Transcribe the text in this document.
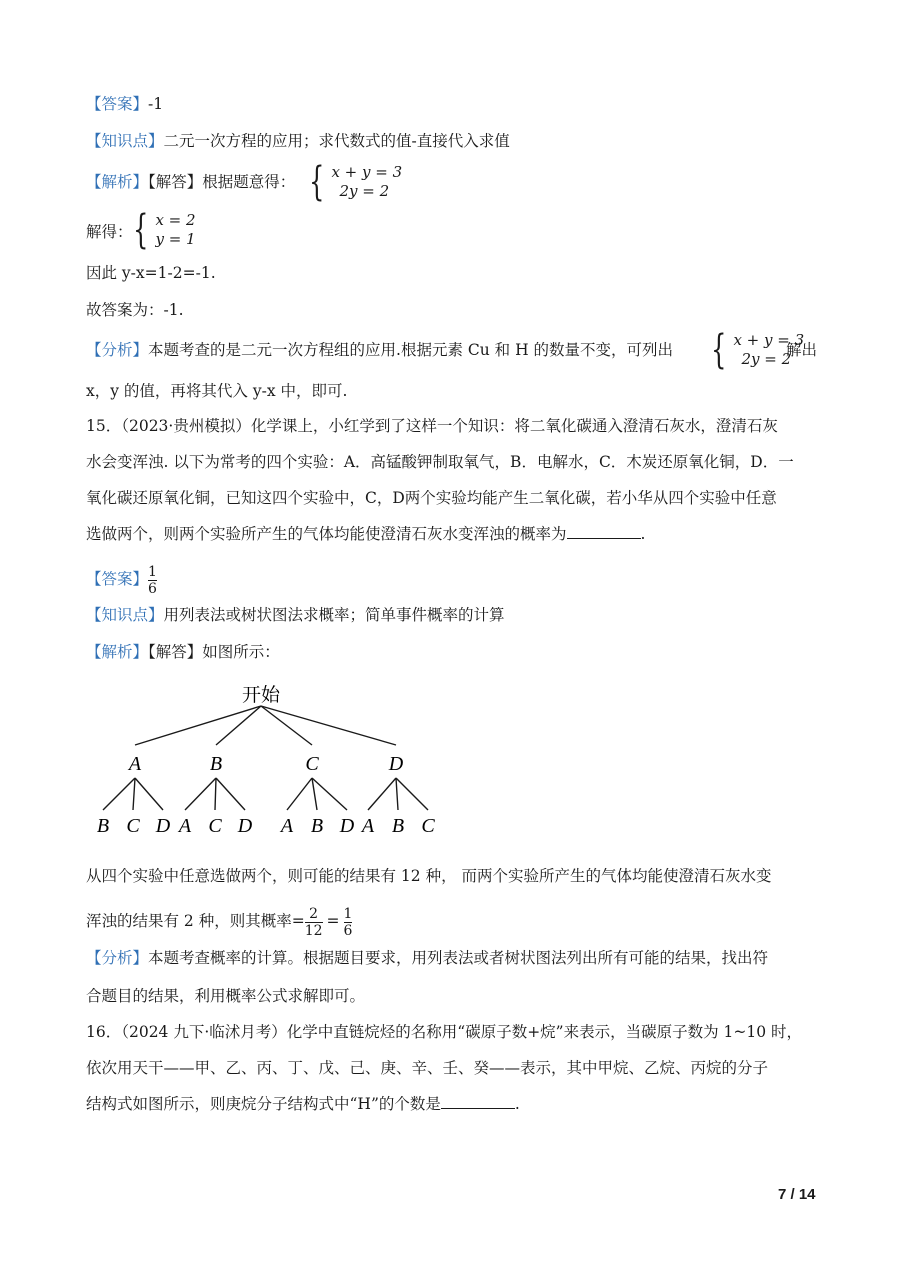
【答案】-1
【知识点】二元一次方程的应用；求代数式的值-直接代入求值
【解析】【解答】根据题意得： { x + y = 3
2y = 2
解得： { x = 2
y = 1
因此 y-x=1-2=-1.
故答案为：-1.
【分析】本题考查的是二元一次方程组的应用.根据元素 Cu 和 H 的数量不变，可列出 { x + y = 3
2y = 2
解出
x，y 的值，再将其代入 y-x 中，即可.
15．（2023·贵州模拟）化学课上，小红学到了这样一个知识：将二氧化碳通入澄清石灰水，澄清石灰
水会变浑浊. 以下为常考的四个实验：A．高锰酸钾制取氧气，B．电解水，C．木炭还原氧化铜，D．一
氧化碳还原氧化铜，已知这四个实验中，C，D两个实验均能产生二氧化碳，若小华从四个实验中任意
选做两个，则两个实验所产生的气体均能使澄清石灰水变浑浊的概率为	.
【答案】 $\frac{1}{6}$
【知识点】用列表法或树状图法求概率；简单事件概率的计算
【解析】【解答】如图所示：
开始
A
B C D
B
A C D
C
A B D
D
A B C
从四个实验中任意选做两个，则可能的结果有 12 种， 而两个实验所产生的气体均能使澄清石灰水变
浑浊的结果有 2 种，则其概率= $\frac{2}{12} = \frac{1}{6}$
【分析】本题考查概率的计算。根据题目要求，用列表法或者树状图法列出所有可能的结果，找出符
合题目的结果，利用概率公式求解即可。
16．（2024 九下·临沭月考）化学中直链烷烃的名称用“碳原子数+烷”来表示，当碳原子数为 1~10 时，
依次用天干——甲、乙、丙、丁、戊、己、庚、辛、壬、癸——表示，其中甲烷、乙烷、丙烷的分子
结构式如图所示，则庚烷分子结构式中“H”的个数是	.
7 / 14
